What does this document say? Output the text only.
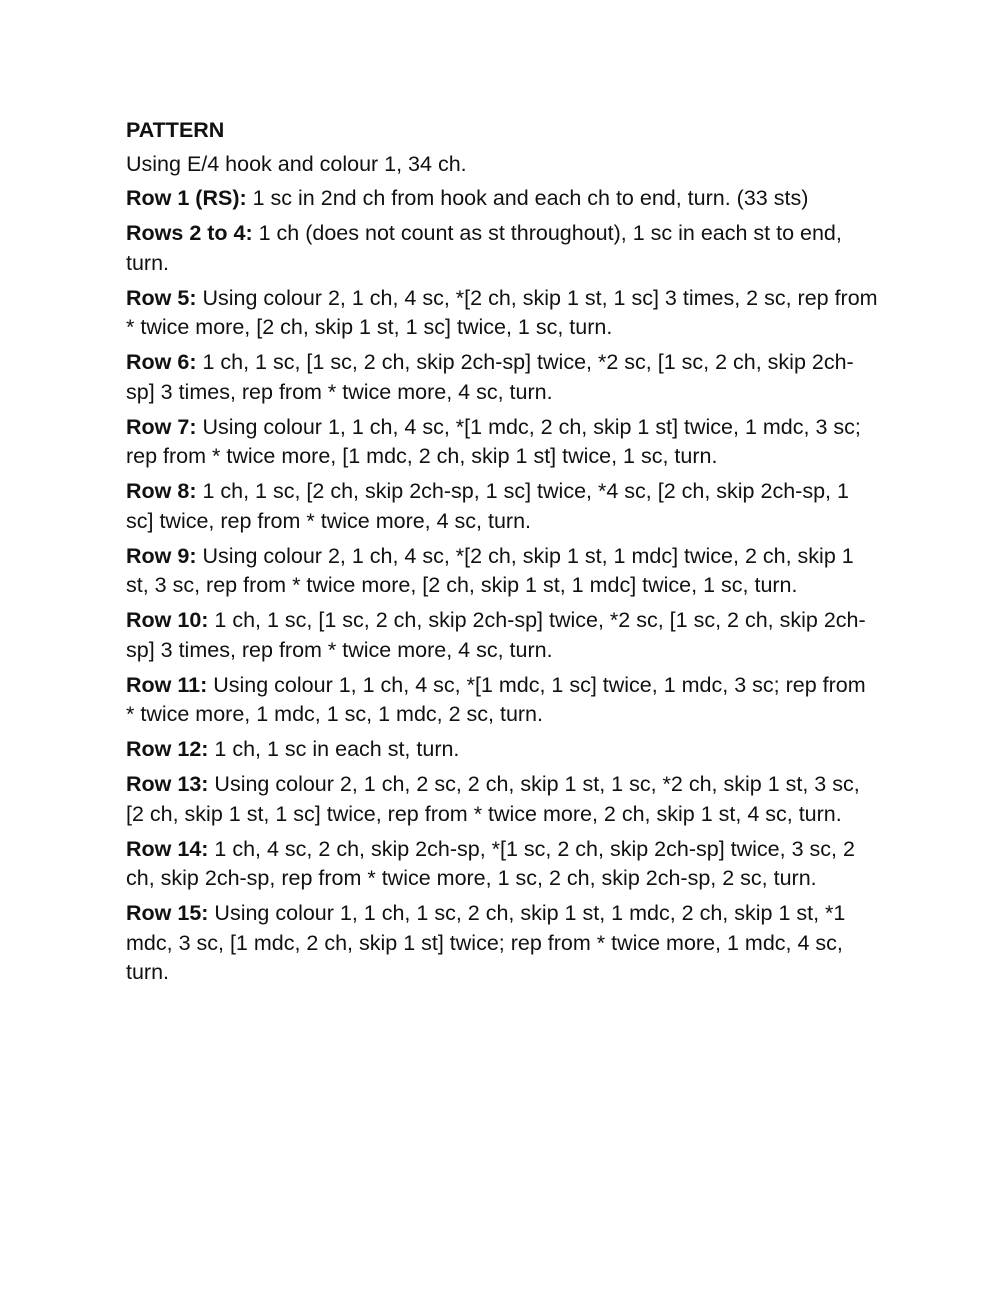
PATTERN
Using E/4 hook and colour 1, 34 ch.
Row 1 (RS): 1 sc in 2nd ch from hook and each ch to end, turn. (33 sts)
Rows 2 to 4: 1 ch (does not count as st throughout), 1 sc in each st to end, turn.
Row 5: Using colour 2, 1 ch, 4 sc, *[2 ch, skip 1 st, 1 sc] 3 times, 2 sc, rep from * twice more, [2 ch, skip 1 st, 1 sc] twice, 1 sc, turn.
Row 6: 1 ch, 1 sc, [1 sc, 2 ch, skip 2ch-sp] twice, *2 sc, [1 sc, 2 ch, skip 2ch-sp] 3 times, rep from * twice more, 4 sc, turn.
Row 7: Using colour 1, 1 ch, 4 sc, *[1 mdc, 2 ch, skip 1 st] twice, 1 mdc, 3 sc; rep from * twice more, [1 mdc, 2 ch, skip 1 st] twice, 1 sc, turn.
Row 8: 1 ch, 1 sc, [2 ch, skip 2ch-sp, 1 sc] twice, *4 sc, [2 ch, skip 2ch-sp, 1 sc] twice, rep from * twice more, 4 sc, turn.
Row 9: Using colour 2, 1 ch, 4 sc, *[2 ch, skip 1 st, 1 mdc] twice, 2 ch, skip 1 st, 3 sc, rep from * twice more, [2 ch, skip 1 st, 1 mdc] twice, 1 sc, turn.
Row 10: 1 ch, 1 sc, [1 sc, 2 ch, skip 2ch-sp] twice, *2 sc, [1 sc, 2 ch, skip 2ch-sp] 3 times, rep from * twice more, 4 sc, turn.
Row 11: Using colour 1, 1 ch, 4 sc, *[1 mdc, 1 sc] twice, 1 mdc, 3 sc; rep from * twice more, 1 mdc, 1 sc, 1 mdc, 2 sc, turn.
Row 12: 1 ch, 1 sc in each st, turn.
Row 13: Using colour 2, 1 ch, 2 sc, 2 ch, skip 1 st, 1 sc, *2 ch, skip 1 st, 3 sc, [2 ch, skip 1 st, 1 sc] twice, rep from * twice more, 2 ch, skip 1 st, 4 sc, turn.
Row 14: 1 ch, 4 sc, 2 ch, skip 2ch-sp, *[1 sc, 2 ch, skip 2ch-sp] twice, 3 sc, 2 ch, skip 2ch-sp, rep from * twice more, 1 sc, 2 ch, skip 2ch-sp, 2 sc, turn.
Row 15: Using colour 1, 1 ch, 1 sc, 2 ch, skip 1 st, 1 mdc, 2 ch, skip 1 st, *1 mdc, 3 sc, [1 mdc, 2 ch, skip 1 st] twice; rep from * twice more, 1 mdc, 4 sc, turn.
